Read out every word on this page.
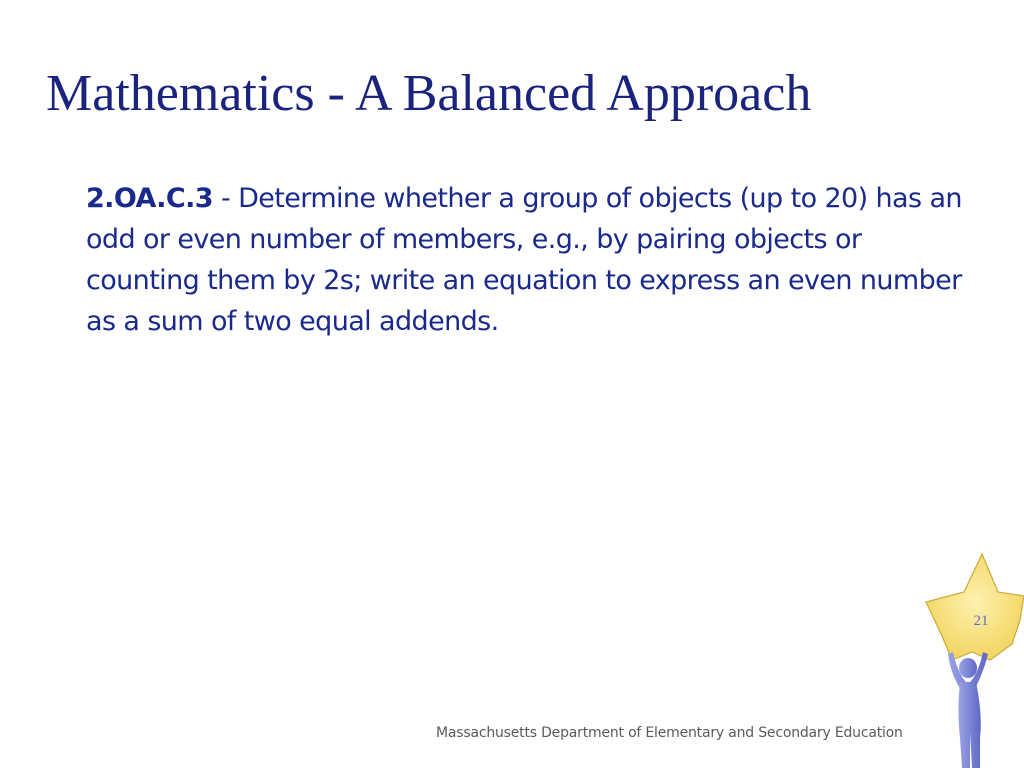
Mathematics - A Balanced Approach

2.OA.C.3 - Determine whether a group of objects (up to 20) has an odd or even number of members, e.g., by pairing objects or counting them by 2s; write an equation to express an even number as a sum of two equal addends.

21
Massachusetts Department of Elementary and Secondary Education
